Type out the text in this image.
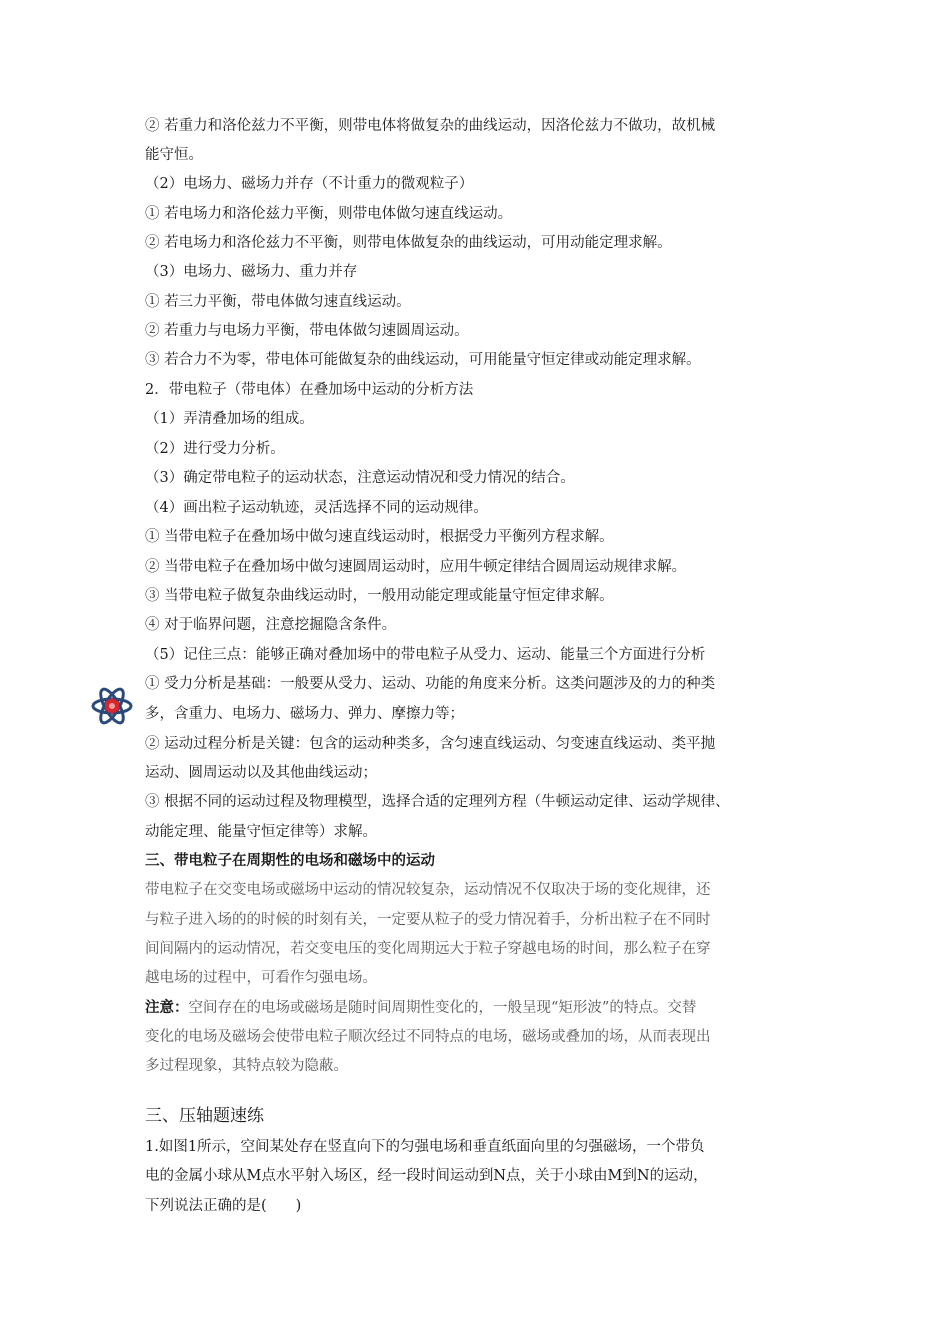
② 若重力和洛伦兹力不平衡，则带电体将做复杂的曲线运动，因洛伦兹力不做功，故机械
能守恒。
（2）电场力、磁场力并存（不计重力的微观粒子）
① 若电场力和洛伦兹力平衡，则带电体做匀速直线运动。
② 若电场力和洛伦兹力不平衡，则带电体做复杂的曲线运动，可用动能定理求解。
（3）电场力、磁场力、重力并存
① 若三力平衡，带电体做匀速直线运动。
② 若重力与电场力平衡，带电体做匀速圆周运动。
③ 若合力不为零，带电体可能做复杂的曲线运动，可用能量守恒定律或动能定理求解。
2．带电粒子（带电体）在叠加场中运动的分析方法
（1）弄清叠加场的组成。
（2）进行受力分析。
（3）确定带电粒子的运动状态，注意运动情况和受力情况的结合。
（4）画出粒子运动轨迹，灵活选择不同的运动规律。
① 当带电粒子在叠加场中做匀速直线运动时，根据受力平衡列方程求解。
② 当带电粒子在叠加场中做匀速圆周运动时，应用牛顿定律结合圆周运动规律求解。
③ 当带电粒子做复杂曲线运动时，一般用动能定理或能量守恒定律求解。
④ 对于临界问题，注意挖掘隐含条件。
（5）记住三点：能够正确对叠加场中的带电粒子从受力、运动、能量三个方面进行分析
① 受力分析是基础：一般要从受力、运动、功能的角度来分析。这类问题涉及的力的种类
多，含重力、电场力、磁场力、弹力、摩擦力等；
② 运动过程分析是关键：包含的运动种类多，含匀速直线运动、匀变速直线运动、类平抛
运动、圆周运动以及其他曲线运动；
③ 根据不同的运动过程及物理模型，选择合适的定理列方程（牛顿运动定律、运动学规律、
动能定理、能量守恒定律等）求解。
三、带电粒子在周期性的电场和磁场中的运动
带电粒子在交变电场或磁场中运动的情况较复杂，运动情况不仅取决于场的变化规律，还
与粒子进入场的的时候的时刻有关，一定要从粒子的受力情况着手，分析出粒子在不同时
间间隔内的运动情况，若交变电压的变化周期远大于粒子穿越电场的时间，那么粒子在穿
越电场的过程中，可看作匀强电场。
注意：空间存在的电场或磁场是随时间周期性变化的，一般呈现“矩形波”的特点。交替
变化的电场及磁场会使带电粒子顺次经过不同特点的电场，磁场或叠加的场，从而表现出
多过程现象，其特点较为隐蔽。
三、压轴题速练
1.如图1所示，空间某处存在竖直向下的匀强电场和垂直纸面向里的匀强磁场，一个带负
电的金属小球从M点水平射入场区，经一段时间运动到N点，关于小球由M到N的运动，
下列说法正确的是(　　)
